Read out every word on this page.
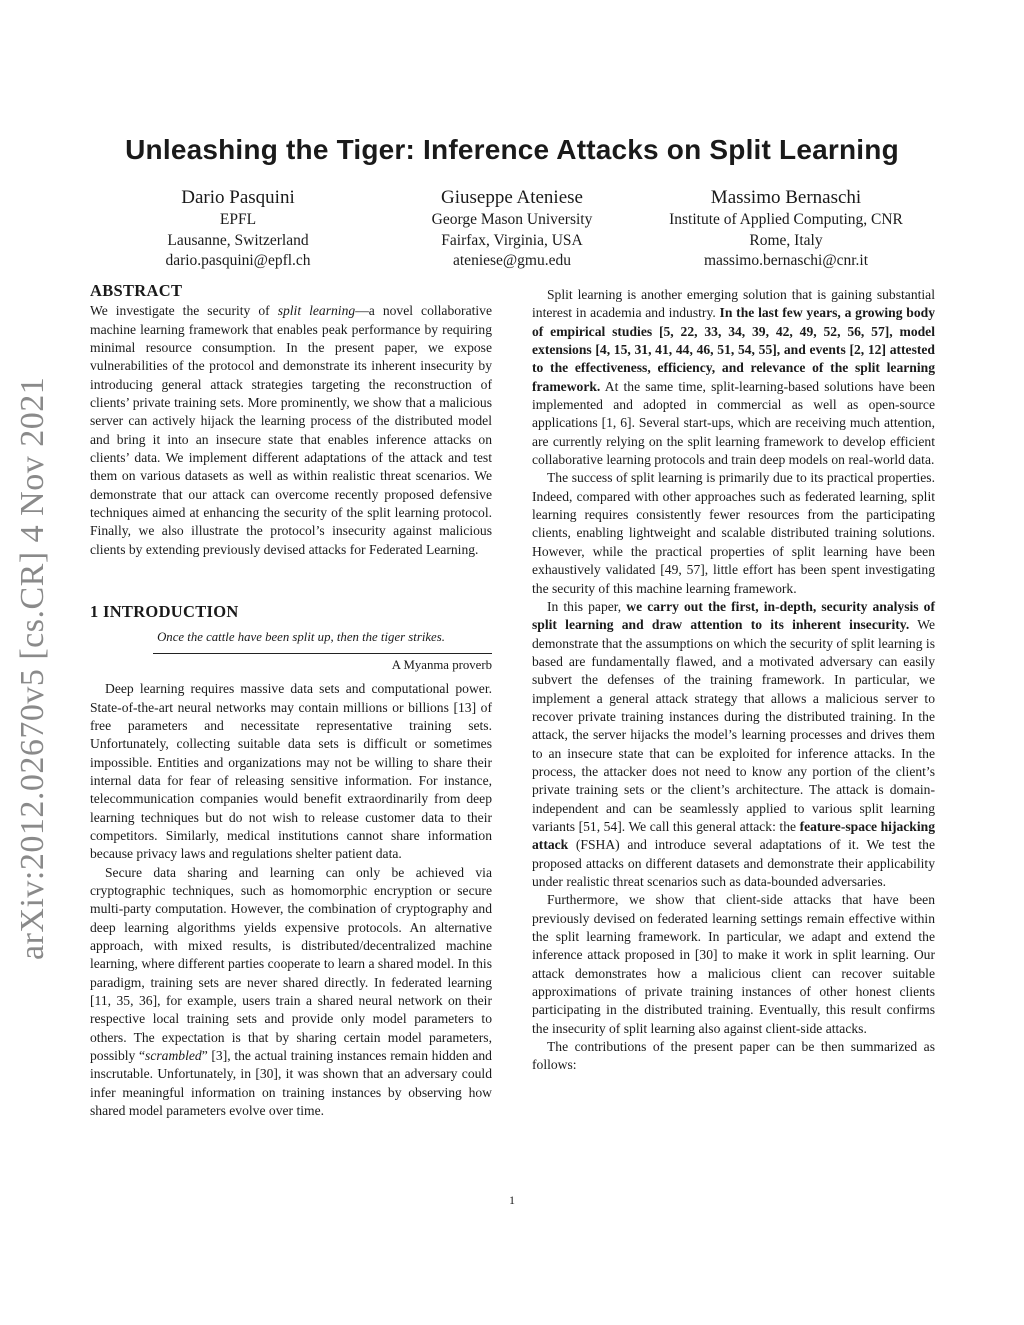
arXiv:2012.02670v5 [cs.CR] 4 Nov 2021
Unleashing the Tiger: Inference Attacks on Split Learning
Dario Pasquini
EPFL
Lausanne, Switzerland
dario.pasquini@epfl.ch
Giuseppe Ateniese
George Mason University
Fairfax, Virginia, USA
ateniese@gmu.edu
Massimo Bernaschi
Institute of Applied Computing, CNR
Rome, Italy
massimo.bernaschi@cnr.it
ABSTRACT

We investigate the security of split learning—a novel collaborative machine learning framework that enables peak performance by requiring minimal resource consumption. In the present paper, we expose vulnerabilities of the protocol and demonstrate its inherent insecurity by introducing general attack strategies targeting the reconstruction of clients’ private training sets. More prominently, we show that a malicious server can actively hijack the learning process of the distributed model and bring it into an insecure state that enables inference attacks on clients’ data. We implement different adaptations of the attack and test them on various datasets as well as within realistic threat scenarios. We demonstrate that our attack can overcome recently proposed defensive techniques aimed at enhancing the security of the split learning protocol. Finally, we also illustrate the protocol’s insecurity against malicious clients by extending previously devised attacks for Federated Learning.

1 INTRODUCTION
Once the cattle have been split up, then the tiger strikes.
A Myanma proverb

Deep learning requires massive data sets and computational power. State-of-the-art neural networks may contain millions or billions [13] of free parameters and necessitate representative training sets. Unfortunately, collecting suitable data sets is difficult or sometimes impossible. Entities and organizations may not be willing to share their internal data for fear of releasing sensitive information. For instance, telecommunication companies would benefit extraordinarily from deep learning techniques but do not wish to release customer data to their competitors. Similarly, medical institutions cannot share information because privacy laws and regulations shelter patient data.

Secure data sharing and learning can only be achieved via cryptographic techniques, such as homomorphic encryption or secure multi-party computation. However, the combination of cryptography and deep learning algorithms yields expensive protocols. An alternative approach, with mixed results, is distributed/decentralized machine learning, where different parties cooperate to learn a shared model. In this paradigm, training sets are never shared directly. In federated learning [11, 35, 36], for example, users train a shared neural network on their respective local training sets and provide only model parameters to others. The expectation is that by sharing certain model parameters, possibly “scrambled” [3], the actual training instances remain hidden and inscrutable. Unfortunately, in [30], it was shown that an adversary could infer meaningful information on training instances by observing how shared model parameters evolve over time.

Split learning is another emerging solution that is gaining substantial interest in academia and industry. In the last few years, a growing body of empirical studies [5, 22, 33, 34, 39, 42, 49, 52, 56, 57], model extensions [4, 15, 31, 41, 44, 46, 51, 54, 55], and events [2, 12] attested to the effectiveness, efficiency, and relevance of the split learning framework. At the same time, split-learning-based solutions have been implemented and adopted in commercial as well as open-source applications [1, 6]. Several start-ups, which are receiving much attention, are currently relying on the split learning framework to develop efficient collaborative learning protocols and train deep models on real-world data.

The success of split learning is primarily due to its practical properties. Indeed, compared with other approaches such as federated learning, split learning requires consistently fewer resources from the participating clients, enabling lightweight and scalable distributed training solutions. However, while the practical properties of split learning have been exhaustively validated [49, 57], little effort has been spent investigating the security of this machine learning framework.

In this paper, we carry out the first, in-depth, security analysis of split learning and draw attention to its inherent insecurity. We demonstrate that the assumptions on which the security of split learning is based are fundamentally flawed, and a motivated adversary can easily subvert the defenses of the training framework. In particular, we implement a general attack strategy that allows a malicious server to recover private training instances during the distributed training. In the attack, the server hijacks the model’s learning processes and drives them to an insecure state that can be exploited for inference attacks. In the process, the attacker does not need to know any portion of the client’s private training sets or the client’s architecture. The attack is domain-independent and can be seamlessly applied to various split learning variants [51, 54]. We call this general attack: the feature-space hijacking attack (FSHA) and introduce several adaptations of it. We test the proposed attacks on different datasets and demonstrate their applicability under realistic threat scenarios such as data-bounded adversaries.

Furthermore, we show that client-side attacks that have been previously devised on federated learning settings remain effective within the split learning framework. In particular, we adapt and extend the inference attack proposed in [30] to make it work in split learning. Our attack demonstrates how a malicious client can recover suitable approximations of private training instances of other honest clients participating in the distributed training. Eventually, this result confirms the insecurity of split learning also against client-side attacks.

The contributions of the present paper can be then summarized as follows:

1
